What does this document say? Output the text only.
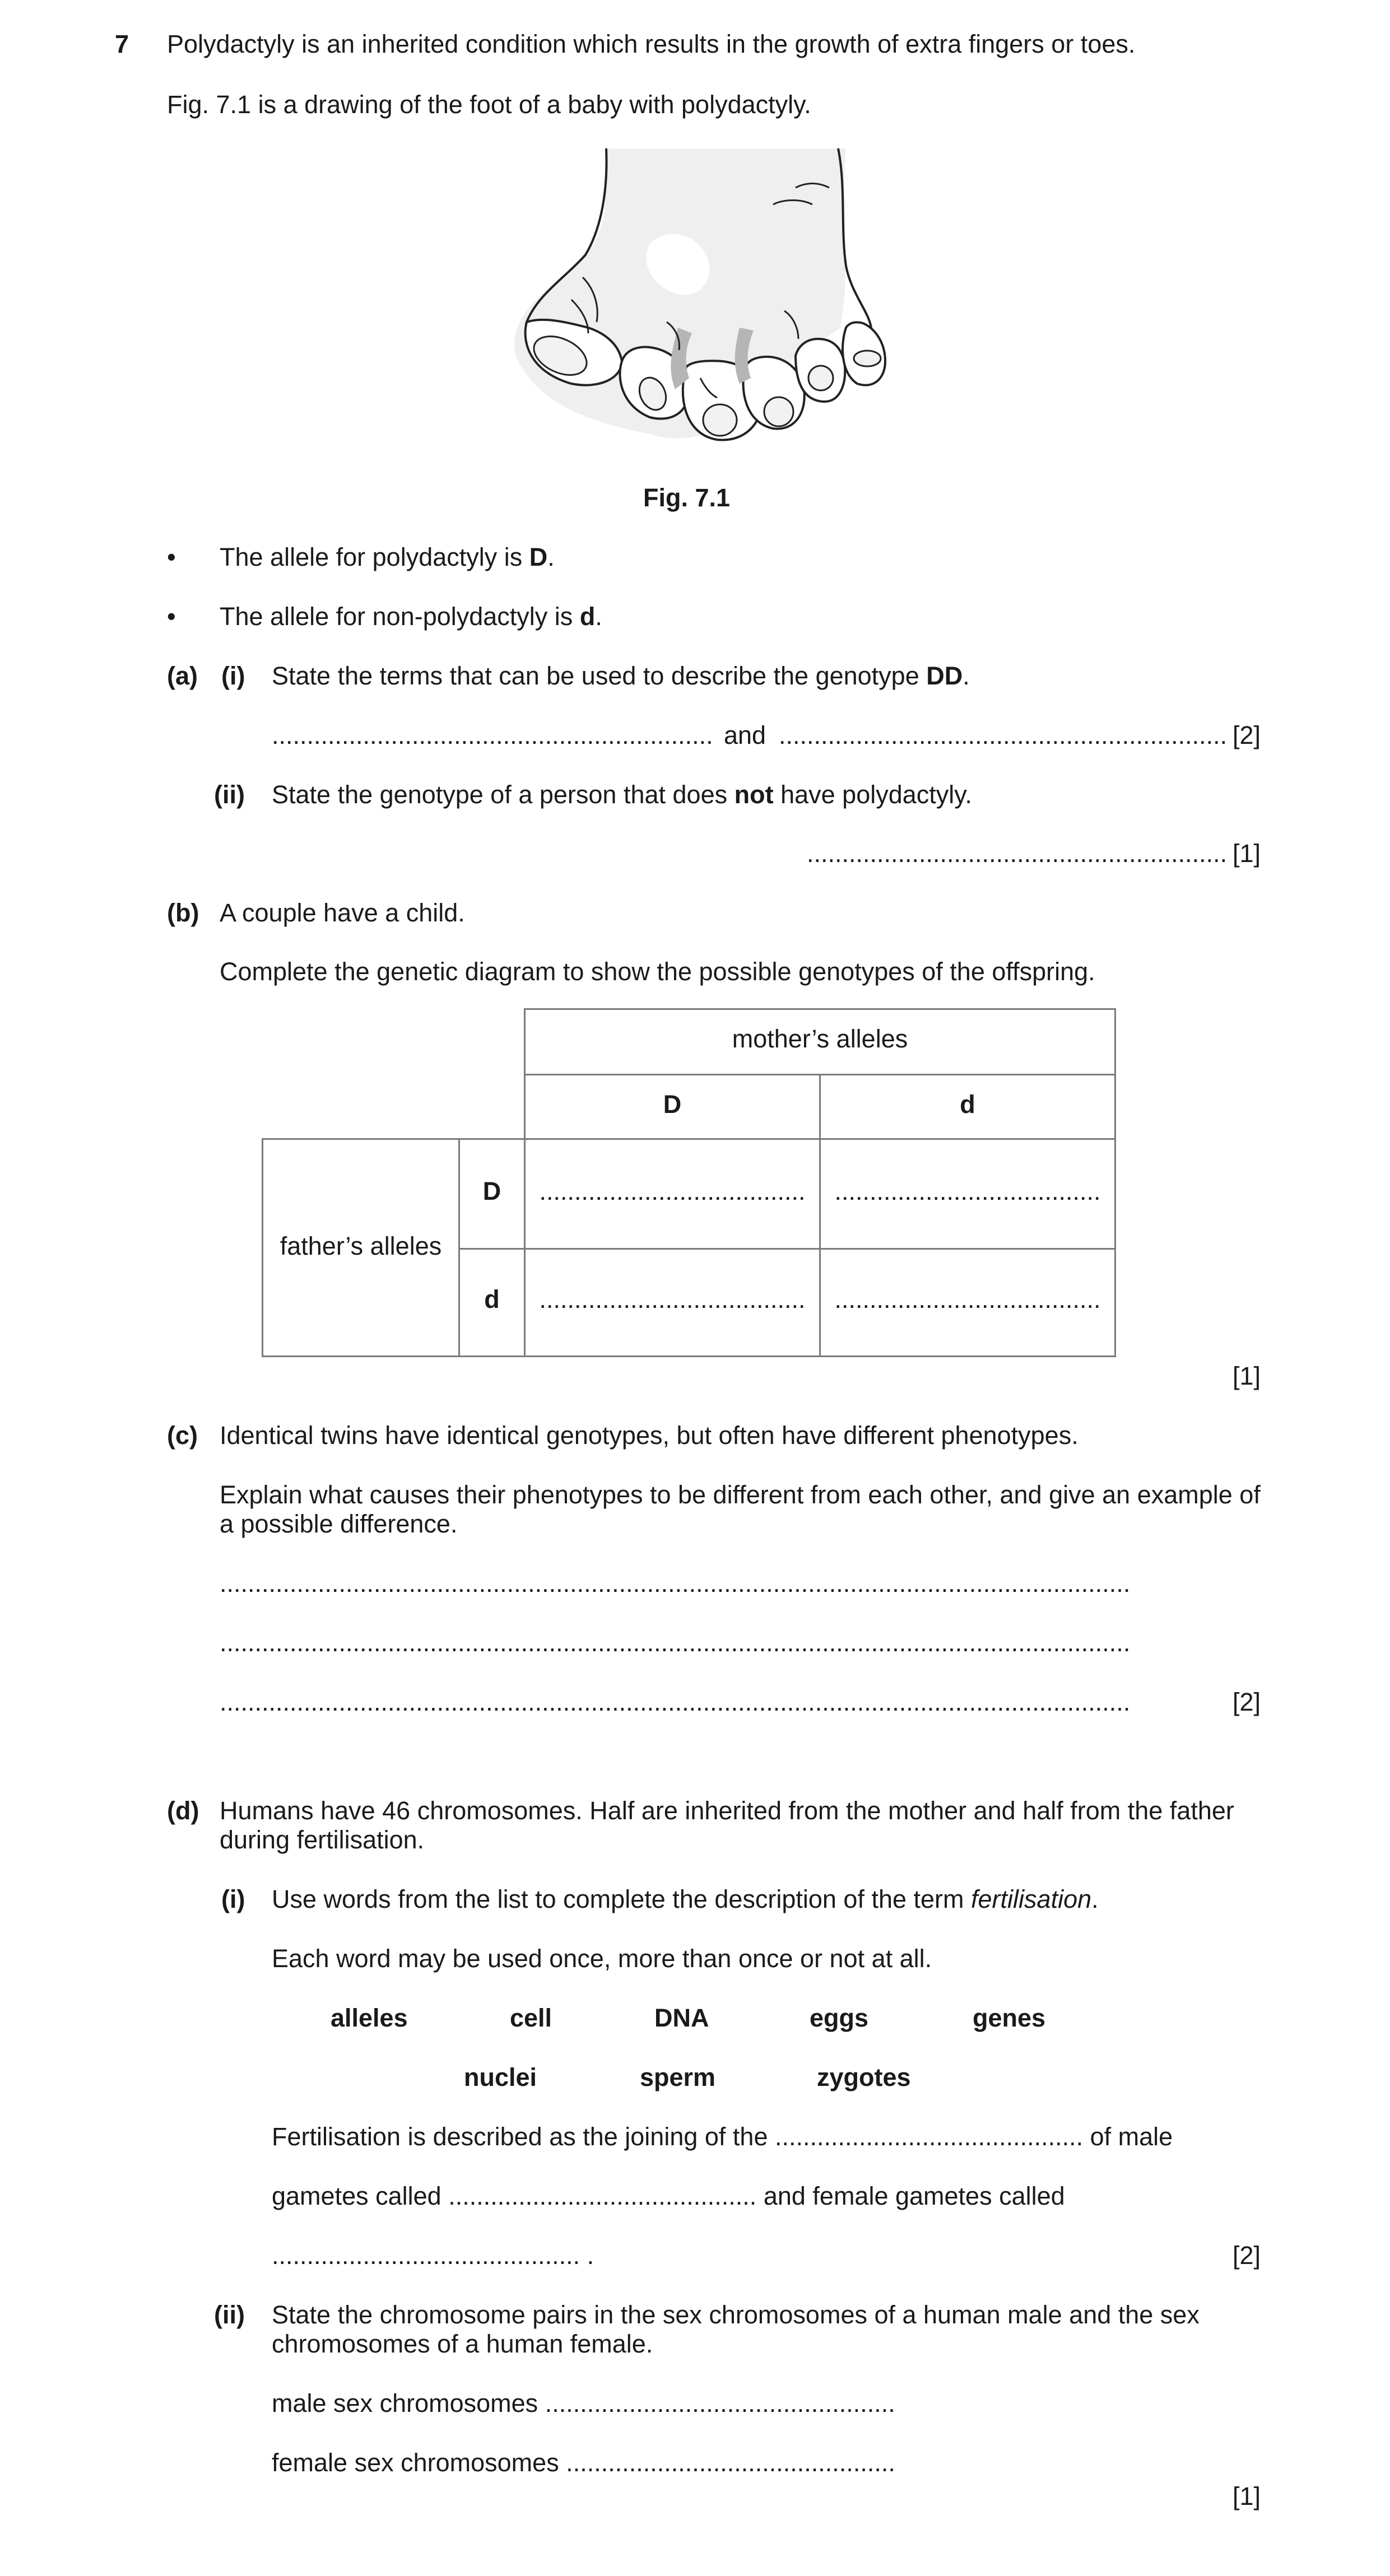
7 Polydactyly is an inherited condition which results in the growth of extra fingers or toes.
Fig. 7.1 is a drawing of the foot of a baby with polydactyly.
Fig. 7.1
• The allele for polydactyly is D.
• The allele for non-polydactyly is d.
(a) (i) State the terms that can be used to describe the genotype DD.
............................................................... and ................................................................ [2]
(ii) State the genotype of a person that does not have polydactyly.
............................................................ [1]
(b) A couple have a child.
Complete the genetic diagram to show the possible genotypes of the offspring.
mother’s alleles
D	d
father’s alleles
D
d
......................................	......................................
......................................	......................................
[1]
(c) Identical twins have identical genotypes, but often have different phenotypes.
Explain what causes their phenotypes to be different from each other, and give an example of
a possible difference.
..................................................................................................................................
..................................................................................................................................
..................................................................................................................................	[2]
(d) Humans have 46 chromosomes. Half are inherited from the mother and half from the father
during fertilisation.
(i) Use words from the list to complete the description of the term fertilisation.
Each word may be used once, more than once or not at all.
alleles	cell	DNA	eggs	genes
nuclei	sperm	zygotes
Fertilisation is described as the joining of the ............................................ of male
gametes called ............................................ and female gametes called
............................................ .	[2]
(ii) State the chromosome pairs in the sex chromosomes of a human male and the sex
chromosomes of a human female.
male sex chromosomes ..................................................
female sex chromosomes ...............................................
[1]
